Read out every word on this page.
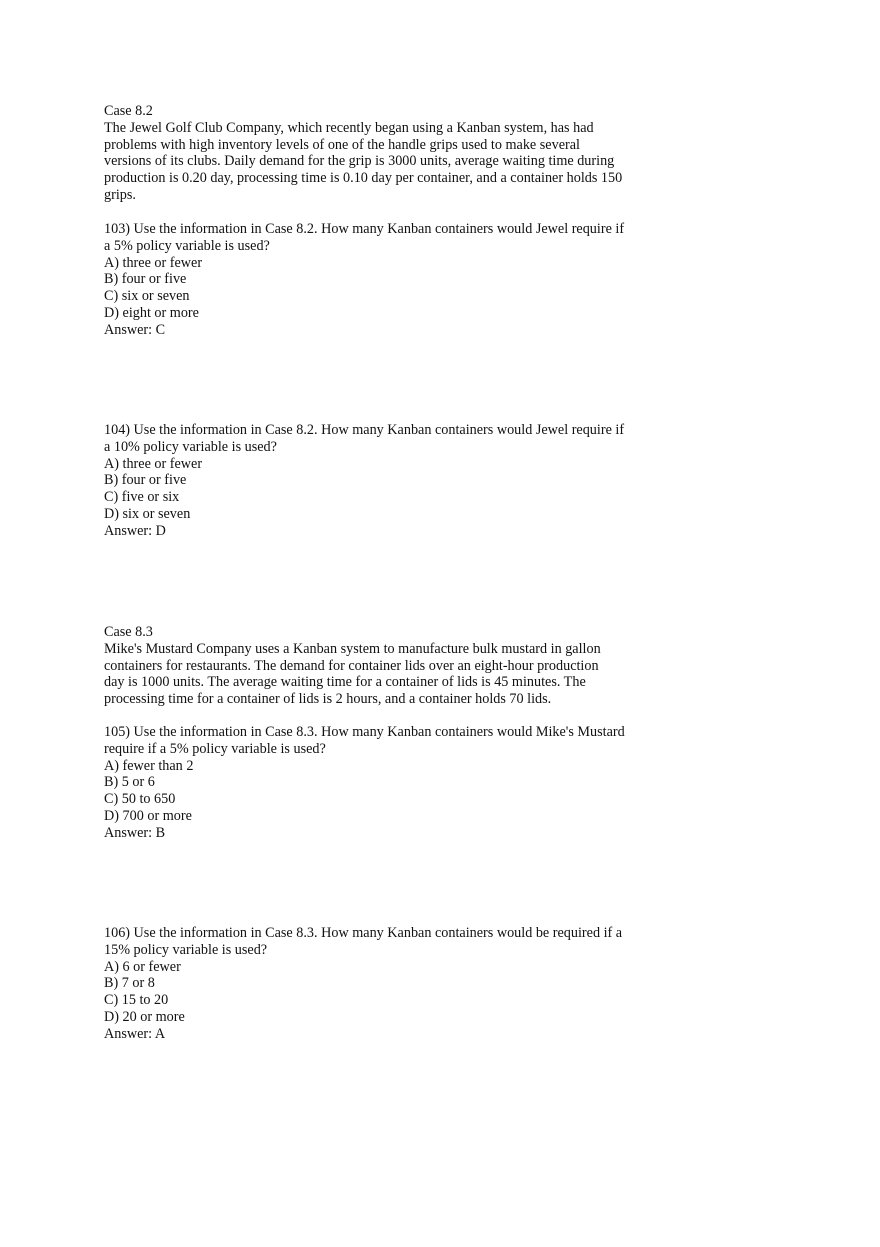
Case 8.2
The Jewel Golf Club Company, which recently began using a Kanban system, has had
problems with high inventory levels of one of the handle grips used to make several
versions of its clubs. Daily demand for the grip is 3000 units, average waiting time during
production is 0.20 day, processing time is 0.10 day per container, and a container holds 150
grips.
103) Use the information in Case 8.2. How many Kanban containers would Jewel require if
a 5% policy variable is used?
A) three or fewer
B) four or five
C) six or seven
D) eight or more
Answer: C
104) Use the information in Case 8.2. How many Kanban containers would Jewel require if
a 10% policy variable is used?
A) three or fewer
B) four or five
C) five or six
D) six or seven
Answer: D
Case 8.3
Mike's Mustard Company uses a Kanban system to manufacture bulk mustard in gallon
containers for restaurants. The demand for container lids over an eight-hour production
day is 1000 units. The average waiting time for a container of lids is 45 minutes. The
processing time for a container of lids is 2 hours, and a container holds 70 lids.
105) Use the information in Case 8.3. How many Kanban containers would Mike's Mustard
require if a 5% policy variable is used?
A) fewer than 2
B) 5 or 6
C) 50 to 650
D) 700 or more
Answer: B
106) Use the information in Case 8.3. How many Kanban containers would be required if a
15% policy variable is used?
A) 6 or fewer
B) 7 or 8
C) 15 to 20
D) 20 or more
Answer: A
